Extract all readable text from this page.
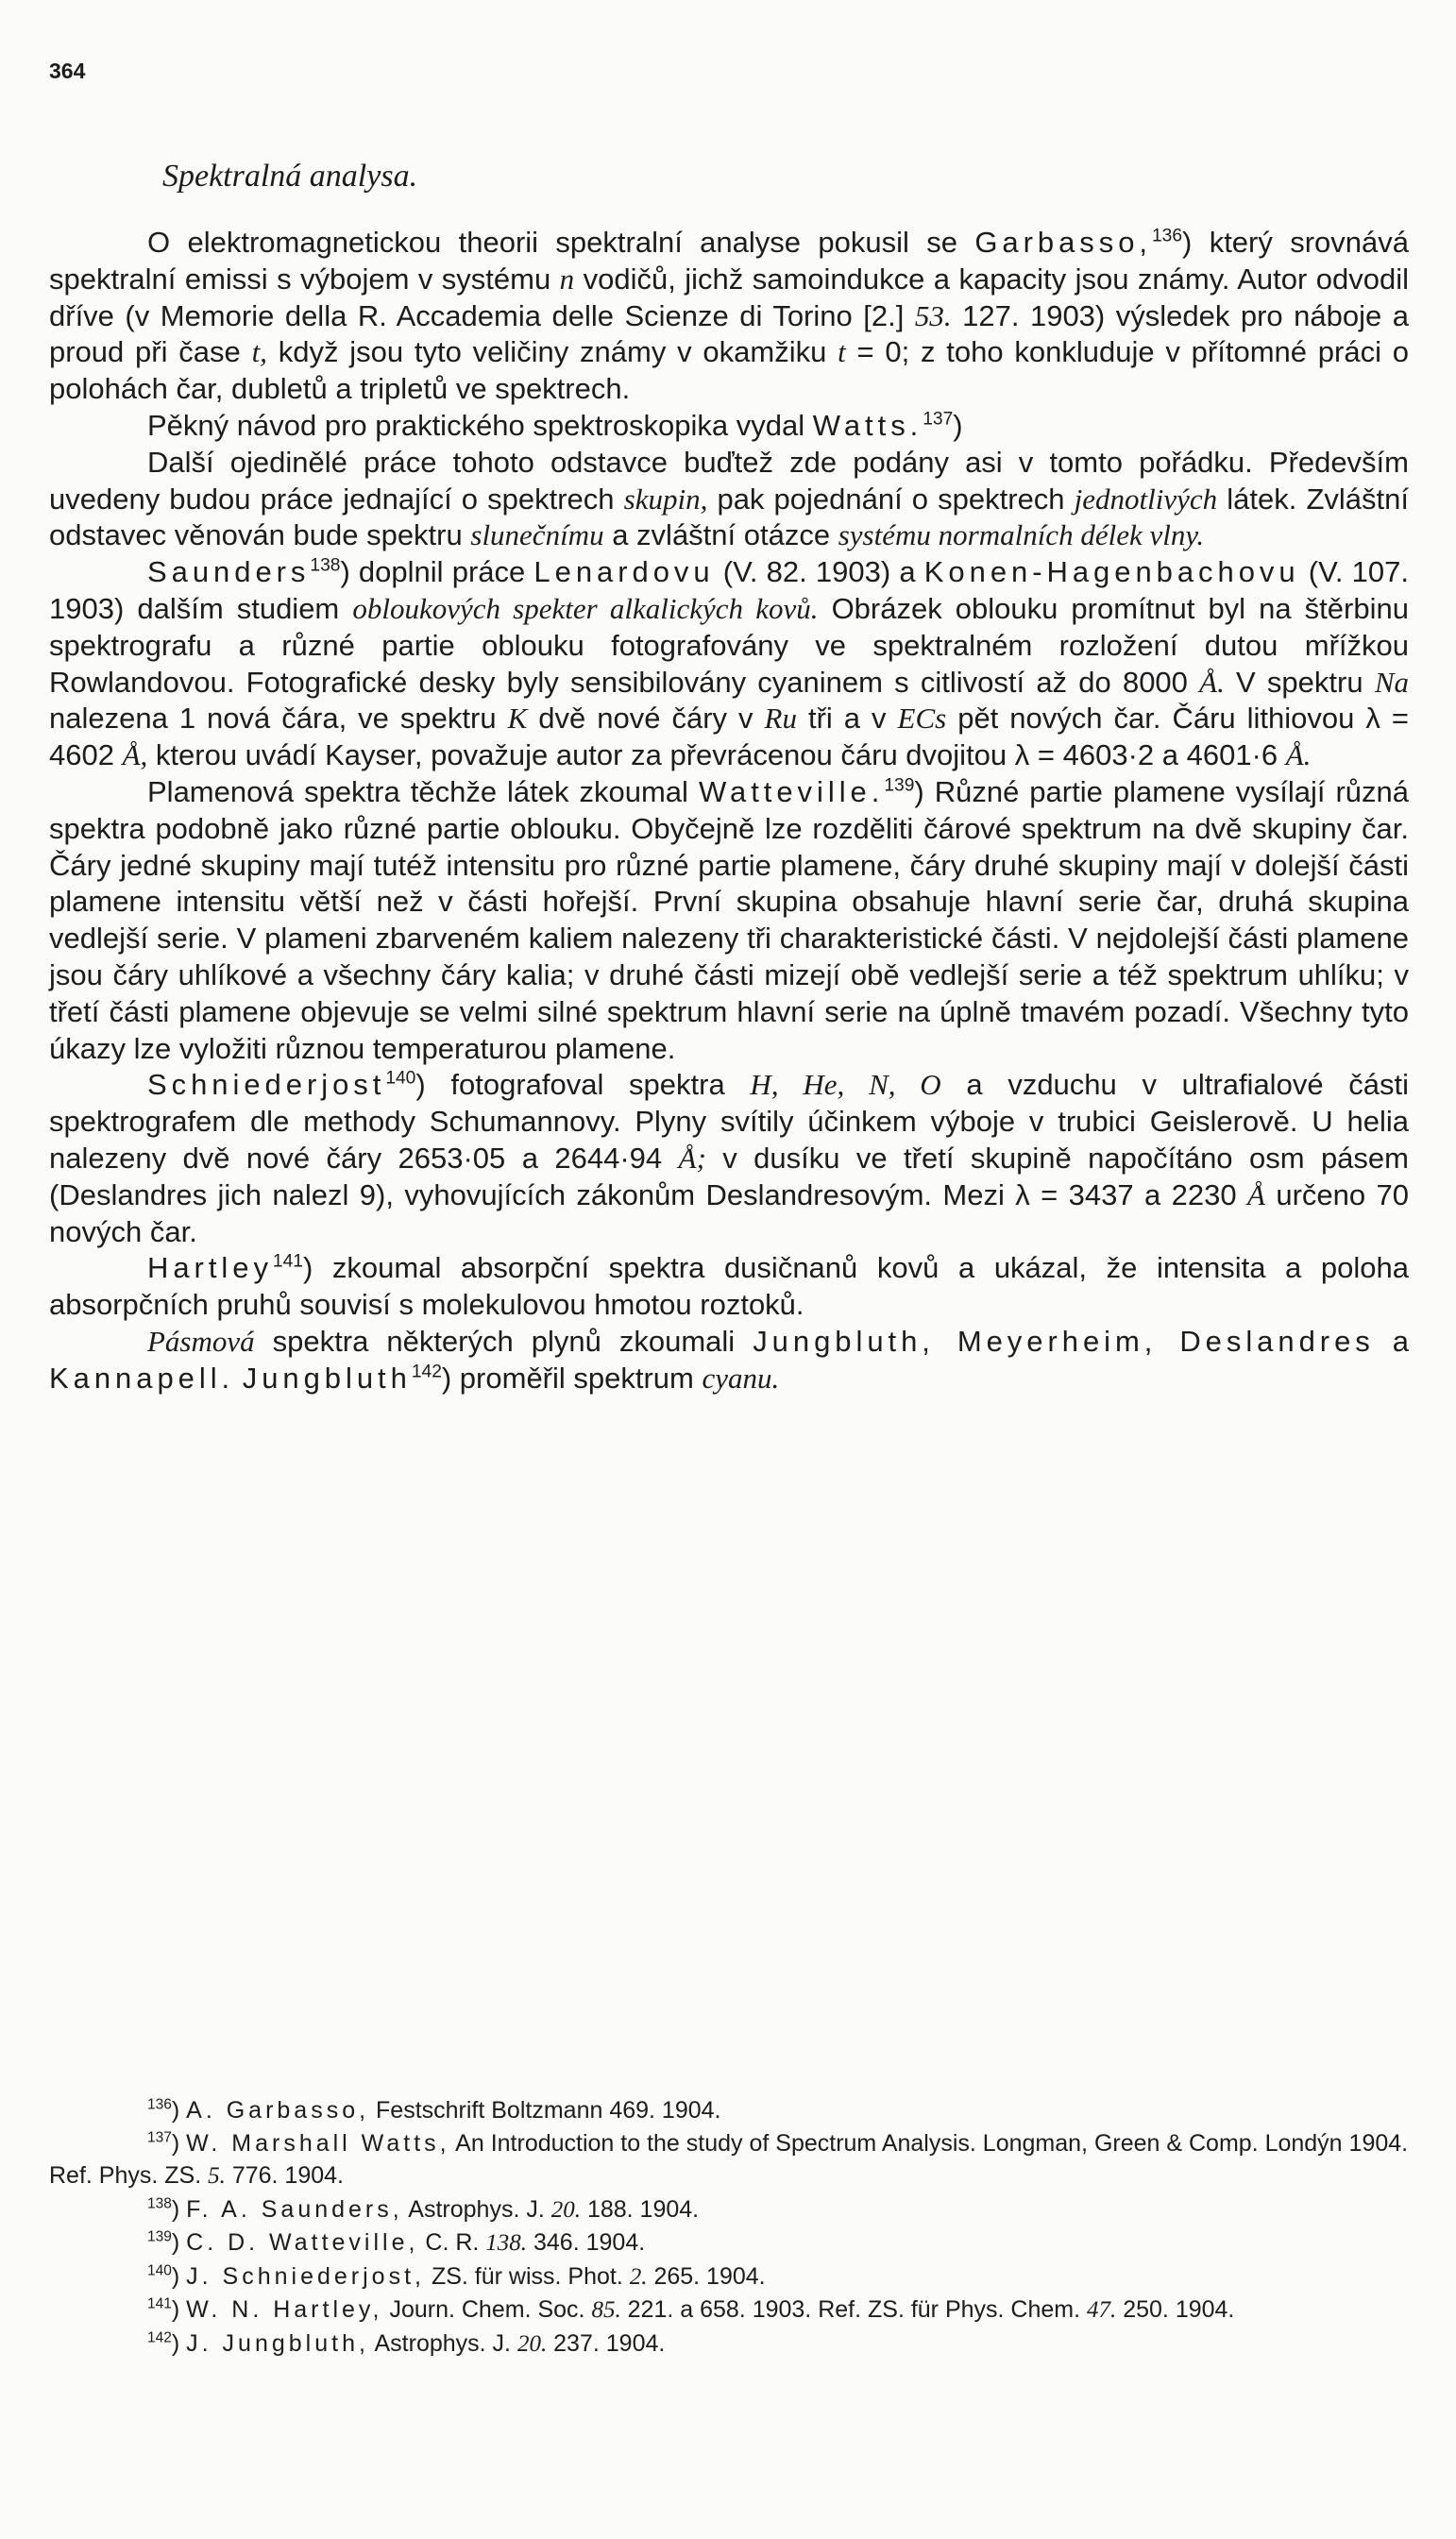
364
Spektralná analysa.

O elektromagnetickou theorii spektralní analyse pokusil se Garbasso,$^{136}$) který srovnává spektralní emissi s výbojem v systému n vodičů, jichž samoindukce a kapacity jsou známy. Autor odvodil dříve (v Memorie della R. Accademia delle Scienze di Torino [2.] 53. 127. 1903) výsledek pro náboje a proud při čase t, když jsou tyto veličiny známy v okamžiku t = 0; z toho konkluduje v přítomné práci o polohách čar, dubletů a tripletů ve spektrech.

Pěkný návod pro praktického spektroskopika vydal Watts.$^{137}$)

Další ojedinělé práce tohoto odstavce buďtež zde podány asi v tomto pořádku. Především uvedeny budou práce jednající o spektrech skupin, pak pojednání o spektrech jednotlivých látek. Zvláštní odstavec věnován bude spektru slunečnímu a zvláštní otázce systému normalních délek vlny.

Saunders$^{138}$) doplnil práce Lenardovu (V. 82. 1903) a Konen-Hagenbachovu (V. 107. 1903) dalším studiem obloukových spekter alkalických kovů. Obrázek oblouku promítnut byl na štěrbinu spektrografu a různé partie oblouku fotografovány ve spektralném rozložení dutou mřížkou Rowlandovou. Fotografické desky byly sensibilovány cyaninem s citlivostí až do 8000 Å. V spektru Na nalezena 1 nová čára, ve spektru K dvě nové čáry v Ru tři a v ECs pět nových čar. Čáru lithiovou λ = 4602 Å, kterou uvádí Kayser, považuje autor za převrácenou čáru dvojitou λ = 4603·2 a 4601·6 Å.

Plamenová spektra těchže látek zkoumal Watteville.$^{139}$) Různé partie plamene vysílají různá spektra podobně jako různé partie oblouku. Obyčejně lze rozděliti čárové spektrum na dvě skupiny čar. Čáry jedné skupiny mají tutéž intensitu pro různé partie plamene, čáry druhé skupiny mají v dolejší části plamene intensitu větší než v části hořejší. První skupina obsahuje hlavní serie čar, druhá skupina vedlejší serie. V plameni zbarveném kaliem nalezeny tři charakteristické části. V nejdolejší části plamene jsou čáry uhlíkové a všechny čáry kalia; v druhé části mizejí obě vedlejší serie a též spektrum uhlíku; v třetí části plamene objevuje se velmi silné spektrum hlavní serie na úplně tmavém pozadí. Všechny tyto úkazy lze vyložiti různou temperaturou plamene.

Schniederjost$^{140}$) fotografoval spektra H, He, N, O a vzduchu v ultrafialové části spektrografem dle methody Schumannovy. Plyny svítily účinkem výboje v trubici Geislerově. U helia nalezeny dvě nové čáry 2653·05 a 2644·94 Å; v dusíku ve třetí skupině napočítáno osm pásem (Deslandres jich nalezl 9), vyhovujících zákonům Deslandresovým. Mezi λ = 3437 a 2230 Å určeno 70 nových čar.

Hartley$^{141}$) zkoumal absorpční spektra dusičnanů kovů a ukázal, že intensita a poloha absorpčních pruhů souvisí s molekulovou hmotou roztoků.

Pásmová spektra některých plynů zkoumali Jungbluth, Meyerheim, Deslandres a Kannapell. Jungbluth$^{142}$) proměřil spektrum cyanu.

$^{136}$) A. Garbasso, Festschrift Boltzmann 469. 1904.
$^{137}$) W. Marshall Watts, An Introduction to the study of Spectrum Analysis. Longman, Green & Comp. Londýn 1904. Ref. Phys. ZS. 5. 776. 1904.
$^{138}$) F. A. Saunders, Astrophys. J. 20. 188. 1904.
$^{139}$) C. D. Watteville, C. R. 138. 346. 1904.
$^{140}$) J. Schniederjost, ZS. für wiss. Phot. 2. 265. 1904.
$^{141}$) W. N. Hartley, Journ. Chem. Soc. 85. 221. a 658. 1903. Ref. ZS. für Phys. Chem. 47. 250. 1904.
$^{142}$) J. Jungbluth, Astrophys. J. 20. 237. 1904.
